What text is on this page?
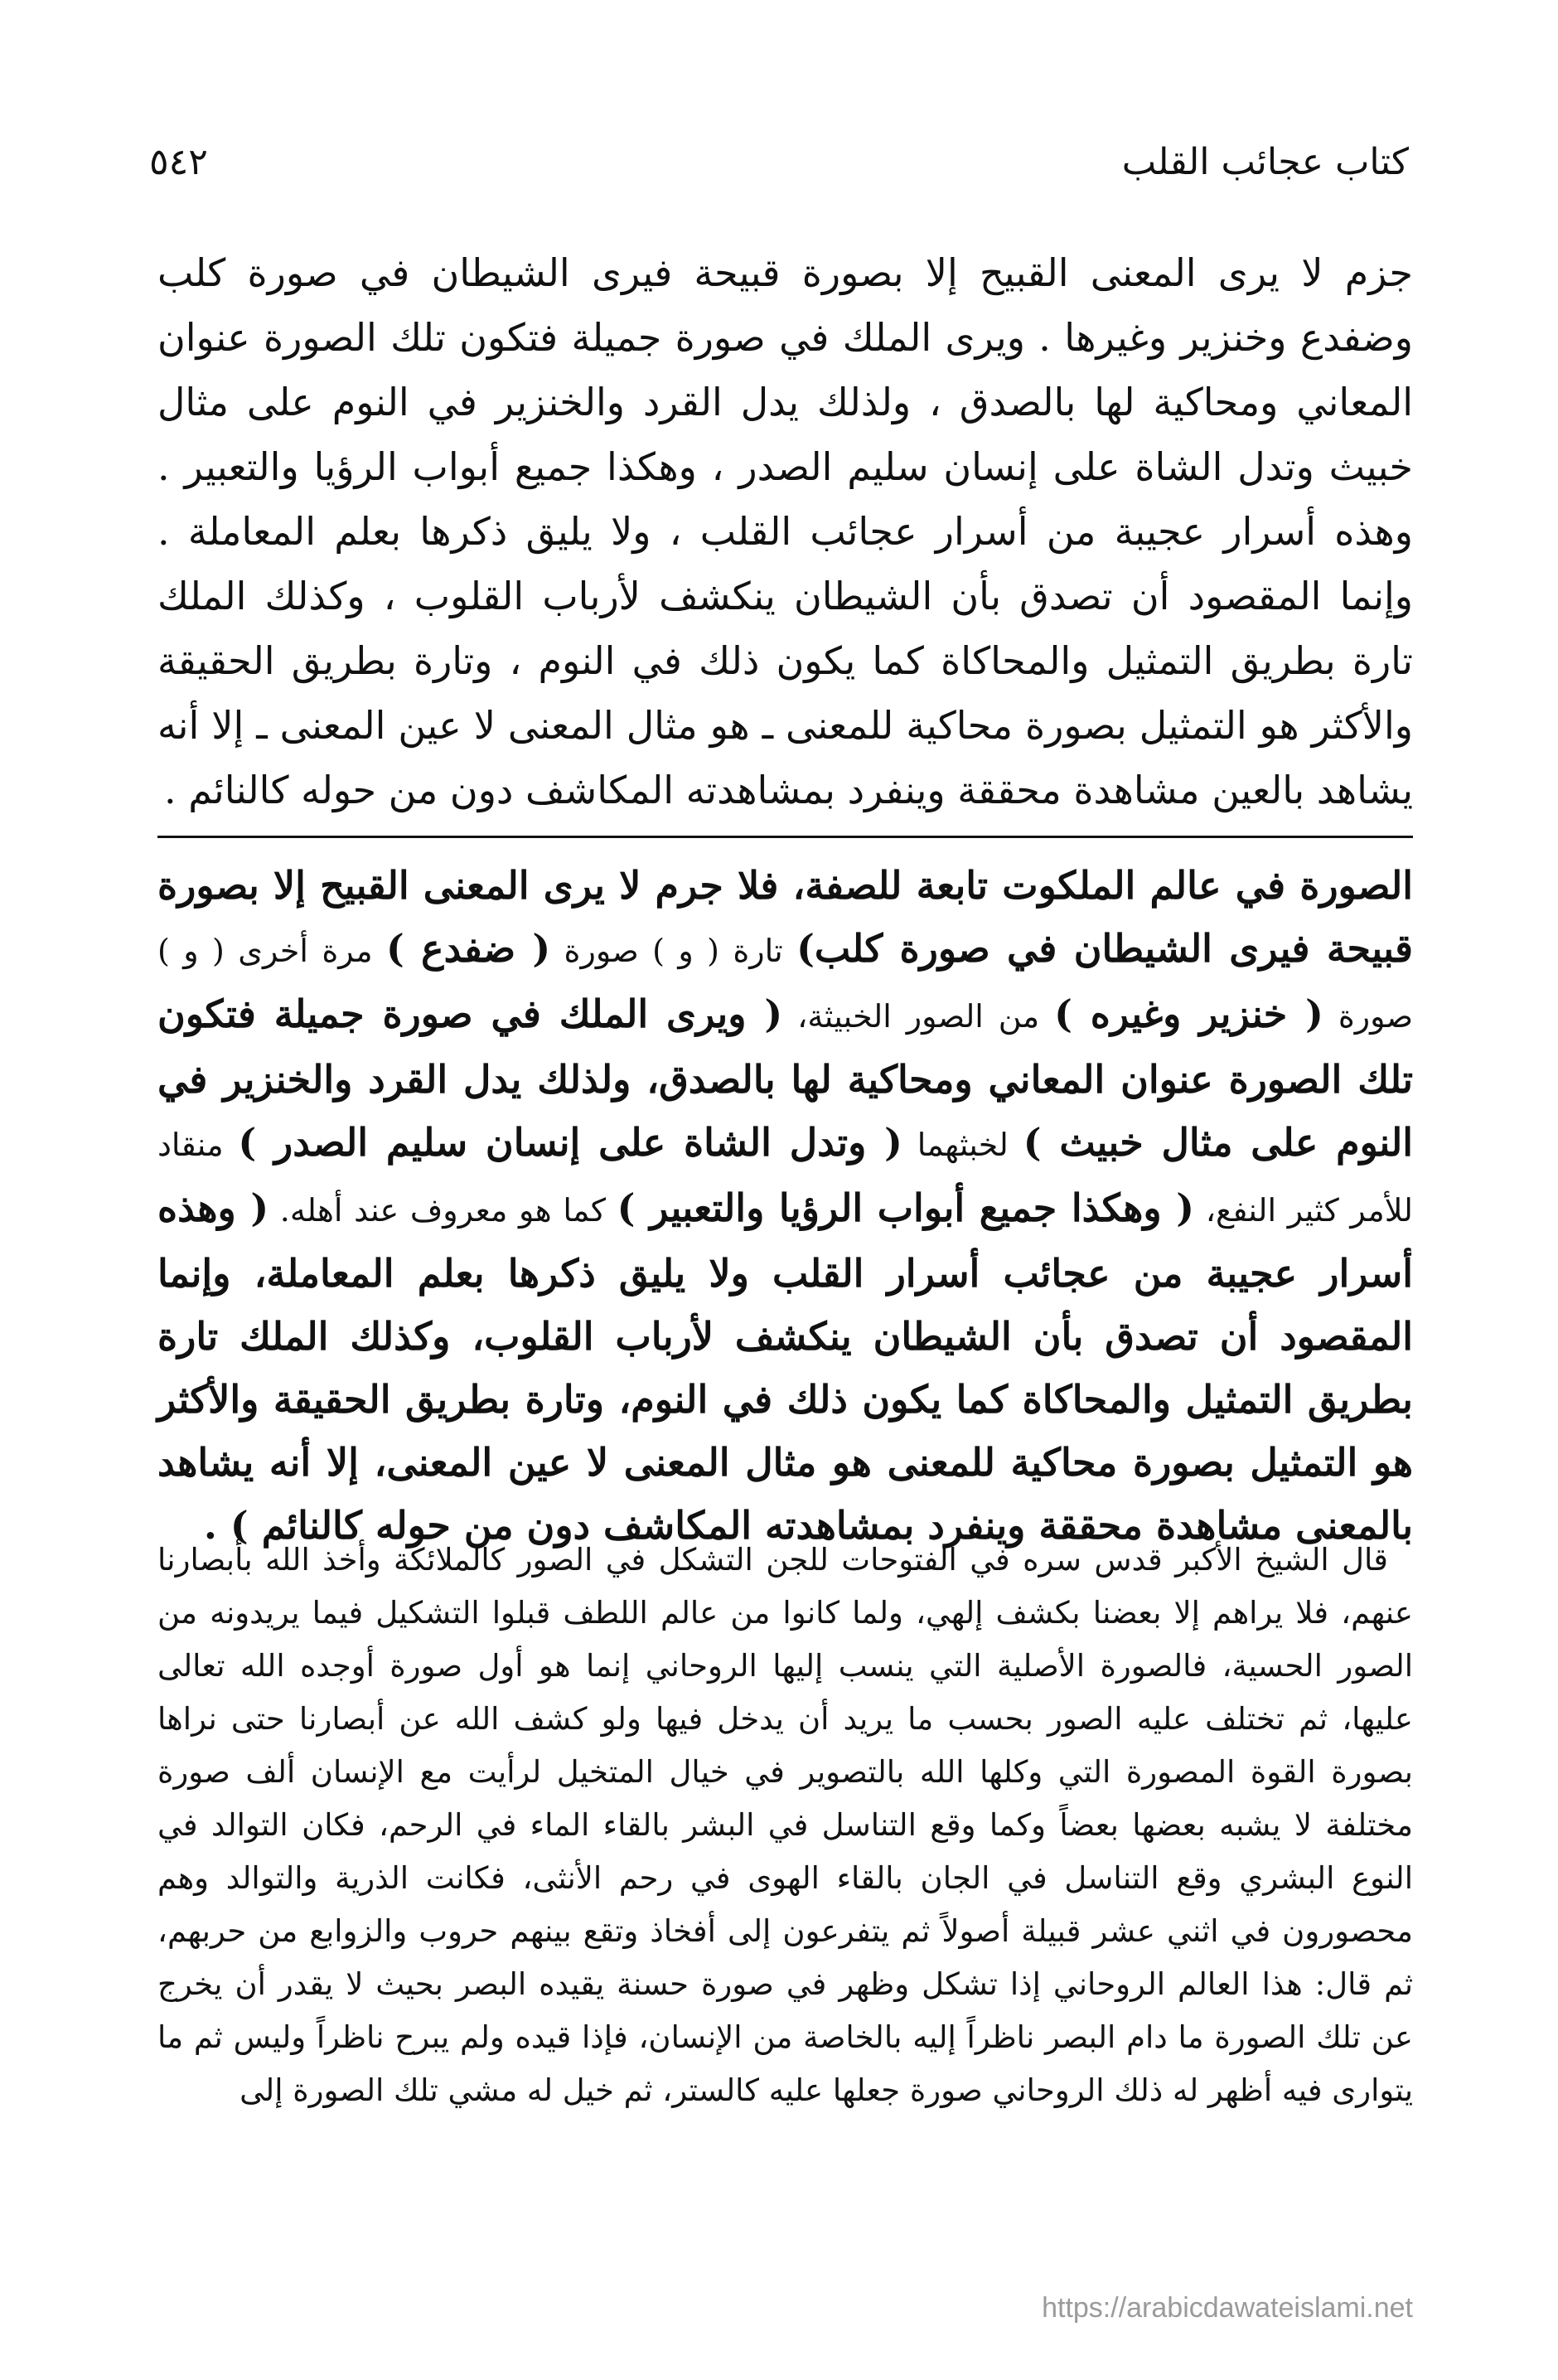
كتاب عجائب القلب
٥٤٢
جزم لا يرى المعنى القبيح إلا بصورة قبيحة فيرى الشيطان في صورة كلب وضفدع وخنزير وغيرها . ويرى الملك في صورة جميلة فتكون تلك الصورة عنوان المعاني ومحاكية لها بالصدق ، ولذلك يدل القرد والخنزير في النوم على مثال خبيث وتدل الشاة على إنسان سليم الصدر ، وهكذا جميع أبواب الرؤيا والتعبير . وهذه أسرار عجيبة من أسرار عجائب القلب ، ولا يليق ذكرها بعلم المعاملة . وإنما المقصود أن تصدق بأن الشيطان ينكشف لأرباب القلوب ، وكذلك الملك تارة بطريق التمثيل والمحاكاة كما يكون ذلك في النوم ، وتارة بطريق الحقيقة والأكثر هو التمثيل بصورة محاكية للمعنى ـ هو مثال المعنى لا عين المعنى ـ إلا أنه يشاهد بالعين مشاهدة محققة وينفرد بمشاهدته المكاشف دون من حوله كالنائم .
الصورة في عالم الملكوت تابعة للصفة، فلا جرم لا يرى المعنى القبيح إلا بصورة قبيحة فيرى الشيطان في صورة كلب) تارة ( و ) صورة ( ضفدع ) مرة أخرى ( و ) صورة ( خنزير وغيره ) من الصور الخبيثة، ( ويرى الملك في صورة جميلة فتكون تلك الصورة عنوان المعاني ومحاكية لها بالصدق، ولذلك يدل القرد والخنزير في النوم على مثال خبيث ) لخبثهما ( وتدل الشاة على إنسان سليم الصدر ) منقاد للأمر كثير النفع، ( وهكذا جميع أبواب الرؤيا والتعبير ) كما هو معروف عند أهله. ( وهذه أسرار عجيبة من عجائب أسرار القلب ولا يليق ذكرها بعلم المعاملة، وإنما المقصود أن تصدق بأن الشيطان ينكشف لأرباب القلوب، وكذلك الملك تارة بطريق التمثيل والمحاكاة كما يكون ذلك في النوم، وتارة بطريق الحقيقة والأكثر هو التمثيل بصورة محاكية للمعنى هو مثال المعنى لا عين المعنى، إلا أنه يشاهد بالمعنى مشاهدة محققة وينفرد بمشاهدته المكاشف دون من حوله كالنائم ) .
قال الشيخ الأكبر قدس سره في الفتوحات للجن التشكل في الصور كالملائكة وأخذ الله بأبصارنا عنهم، فلا يراهم إلا بعضنا بكشف إلهي، ولما كانوا من عالم اللطف قبلوا التشكيل فيما يريدونه من الصور الحسية، فالصورة الأصلية التي ينسب إليها الروحاني إنما هو أول صورة أوجده الله تعالى عليها، ثم تختلف عليه الصور بحسب ما يريد أن يدخل فيها ولو كشف الله عن أبصارنا حتى نراها بصورة القوة المصورة التي وكلها الله بالتصوير في خيال المتخيل لرأيت مع الإنسان ألف صورة مختلفة لا يشبه بعضها بعضاً وكما وقع التناسل في البشر بالقاء الماء في الرحم، فكان التوالد في النوع البشري وقع التناسل في الجان بالقاء الهوى في رحم الأنثى، فكانت الذرية والتوالد وهم محصورون في اثني عشر قبيلة أصولاً ثم يتفرعون إلى أفخاذ وتقع بينهم حروب والزوابع من حربهم، ثم قال: هذا العالم الروحاني إذا تشكل وظهر في صورة حسنة يقيده البصر بحيث لا يقدر أن يخرج عن تلك الصورة ما دام البصر ناظراً إليه بالخاصة من الإنسان، فإذا قيده ولم يبرح ناظراً وليس ثم ما يتوارى فيه أظهر له ذلك الروحاني صورة جعلها عليه كالستر، ثم خيل له مشي تلك الصورة إلى
https://arabicdawateislami.net
